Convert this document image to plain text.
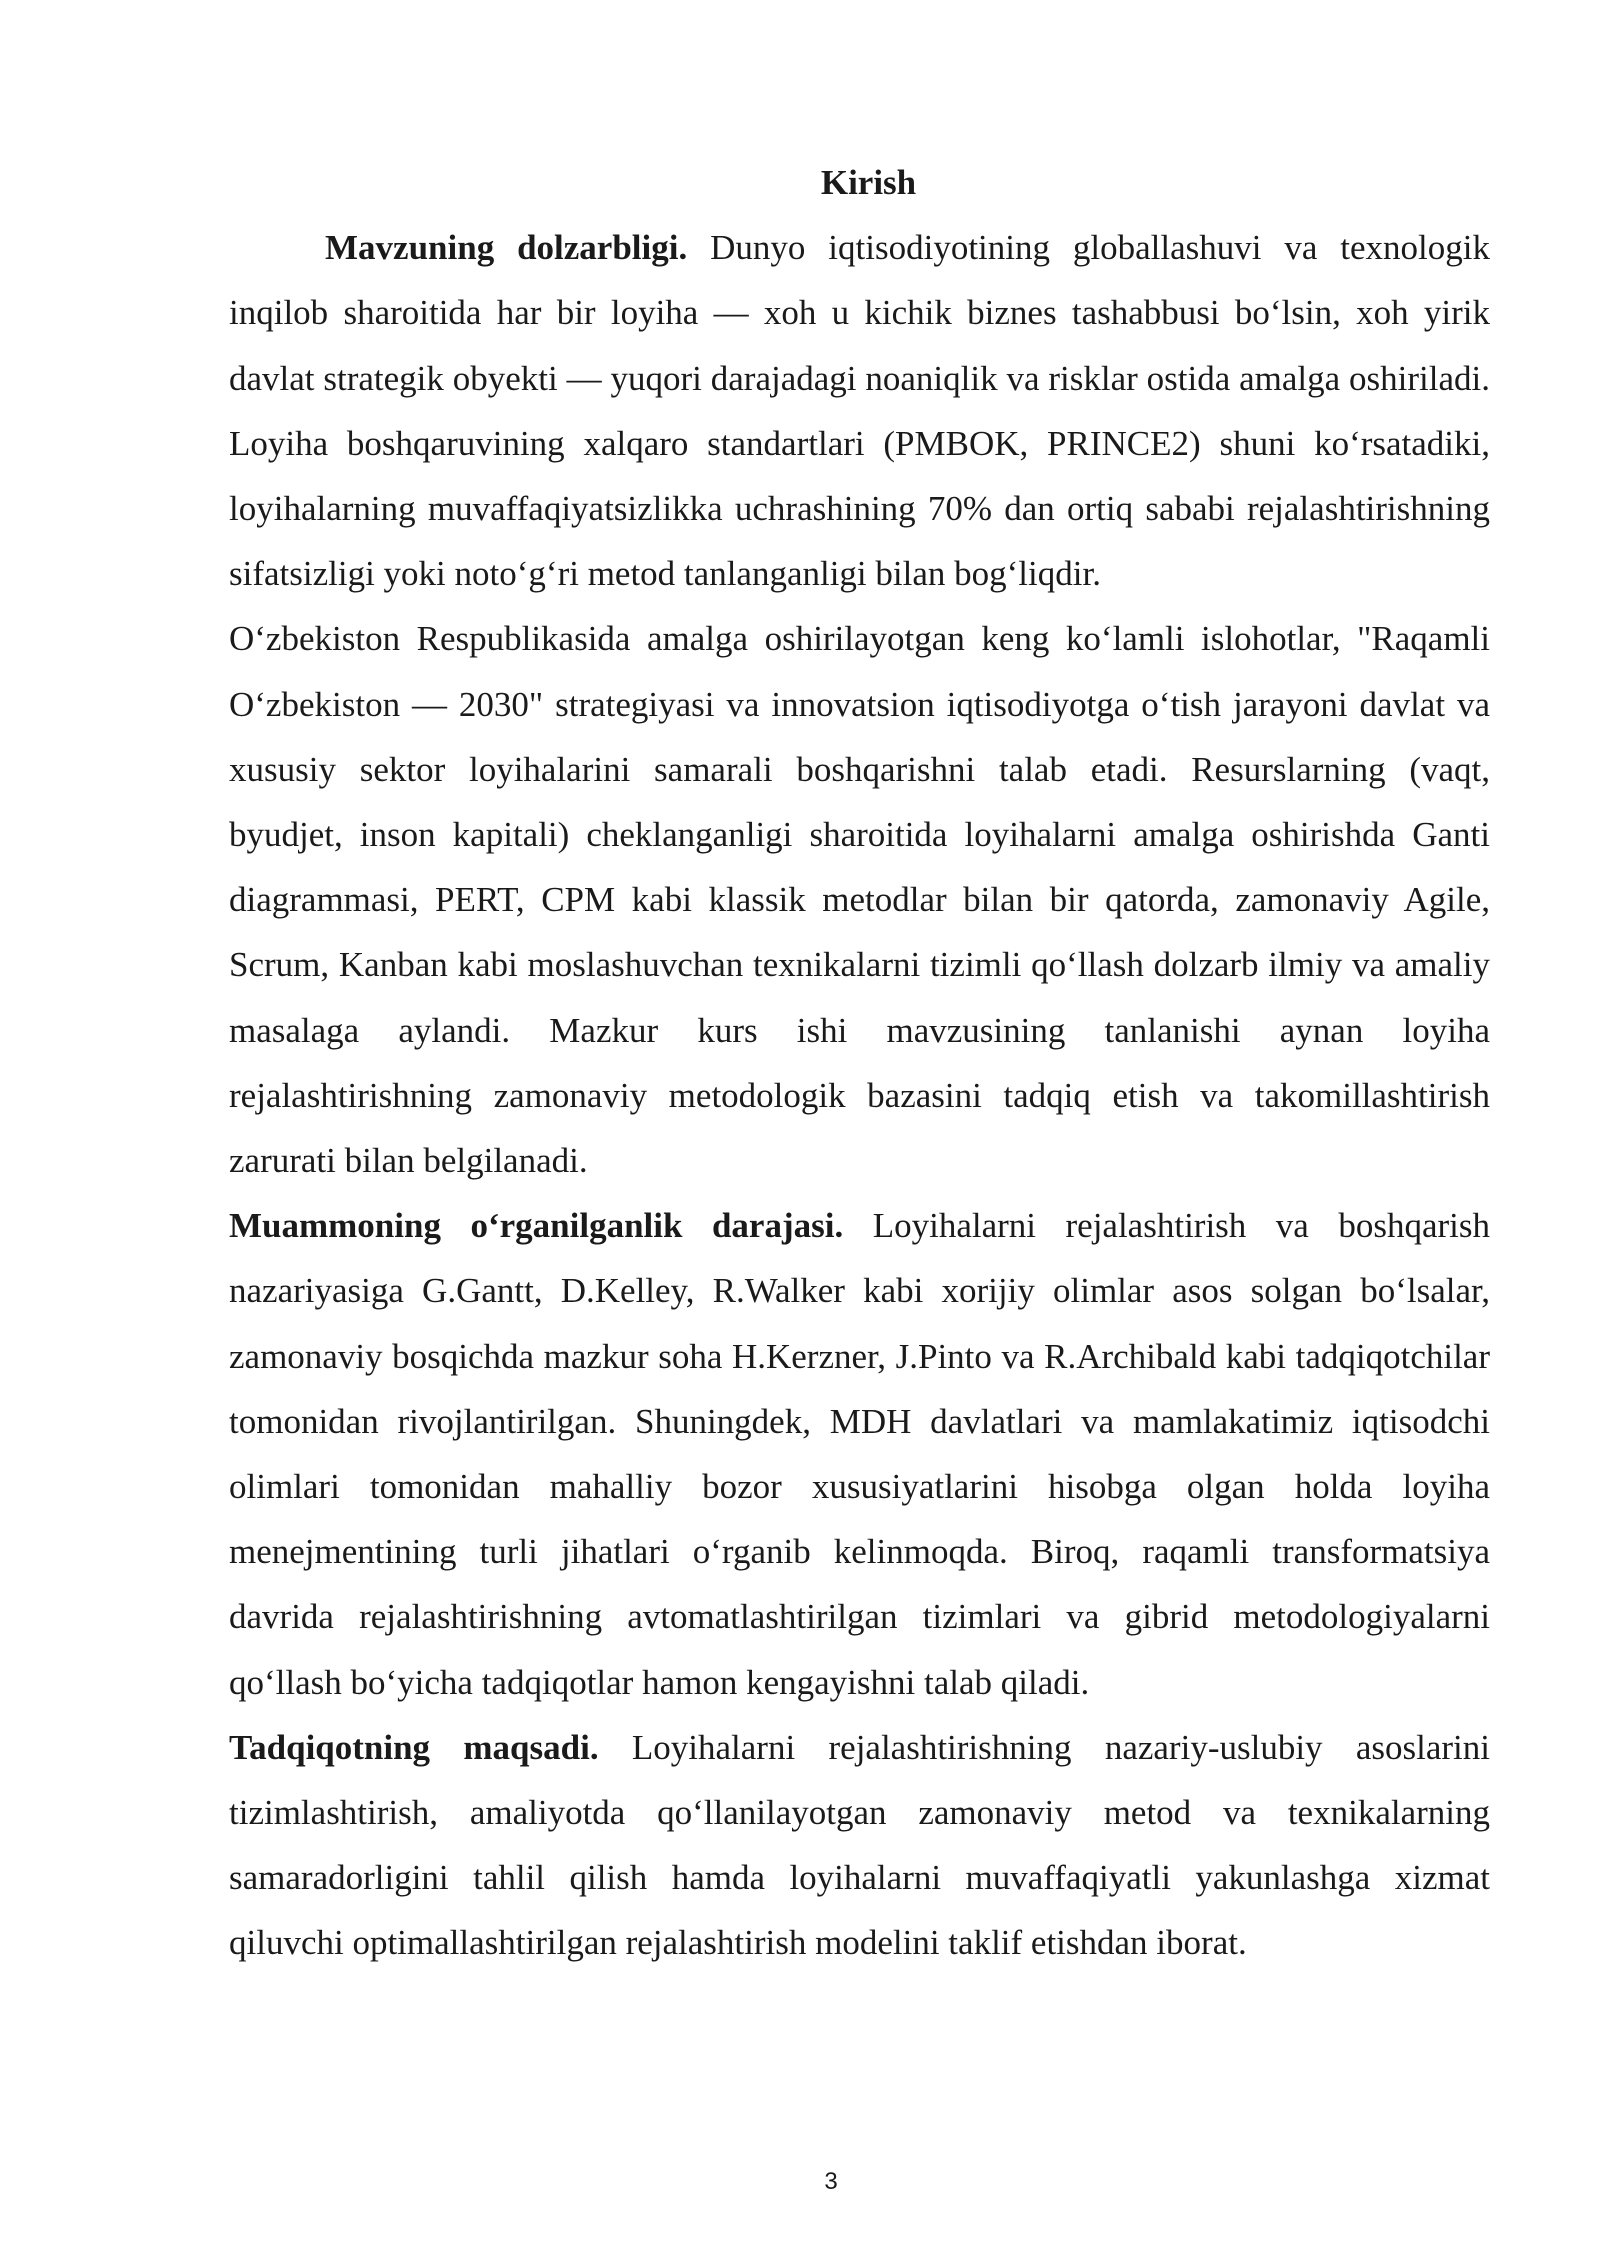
Kirish

Mavzuning dolzarbligi. Dunyo iqtisodiyotining globallashuvi va texnologik inqilob sharoitida har bir loyiha — xoh u kichik biznes tashabbusi boʻlsin, xoh yirik davlat strategik obyekti — yuqori darajadagi noaniqlik va risklar ostida amalga oshiriladi. Loyiha boshqaruvining xalqaro standartlari (PMBOK, PRINCE2) shuni koʻrsatadiki, loyihalarning muvaffaqiyatsizlikka uchrashining 70% dan ortiq sababi rejalashtirishning sifatsizligi yoki notoʻgʻri metod tanlanganligi bilan bogʻliqdir.

Oʻzbekiston Respublikasida amalga oshirilayotgan keng koʻlamli islohotlar, "Raqamli Oʻzbekiston — 2030" strategiyasi va innovatsion iqtisodiyotga oʻtish jarayoni davlat va xususiy sektor loyihalarini samarali boshqarishni talab etadi. Resurslarning (vaqt, byudjet, inson kapitali) cheklanganligi sharoitida loyihalarni amalga oshirishda Ganti diagrammasi, PERT, CPM kabi klassik metodlar bilan bir qatorda, zamonaviy Agile, Scrum, Kanban kabi moslashuvchan texnikalarni tizimli qoʻllash dolzarb ilmiy va amaliy masalaga aylandi. Mazkur kurs ishi mavzusining tanlanishi aynan loyiha rejalashtirishning zamonaviy metodologik bazasini tadqiq etish va takomillashtirish zarurati bilan belgilanadi.

Muammoning oʻrganilganlik darajasi. Loyihalarni rejalashtirish va boshqarish nazariyasiga G.Gantt, D.Kelley, R.Walker kabi xorijiy olimlar asos solgan boʻlsalar, zamonaviy bosqichda mazkur soha H.Kerzner, J.Pinto va R.Archibald kabi tadqiqotchilar tomonidan rivojlantirilgan. Shuningdek, MDH davlatlari va mamlakatimiz iqtisodchi olimlari tomonidan mahalliy bozor xususiyatlarini hisobga olgan holda loyiha menejmentining turli jihatlari oʻrganib kelinmoqda. Biroq, raqamli transformatsiya davrida rejalashtirishning avtomatlashtirilgan tizimlari va gibrid metodologiyalarni qoʻllash boʻyicha tadqiqotlar hamon kengayishni talab qiladi.

Tadqiqotning maqsadi. Loyihalarni rejalashtirishning nazariy-uslubiy asoslarini tizimlashtirish, amaliyotda qoʻllanilayotgan zamonaviy metod va texnikalarning samaradorligini tahlil qilish hamda loyihalarni muvaffaqiyatli yakunlashga xizmat qiluvchi optimallashtirilgan rejalashtirish modelini taklif etishdan iborat.

3
